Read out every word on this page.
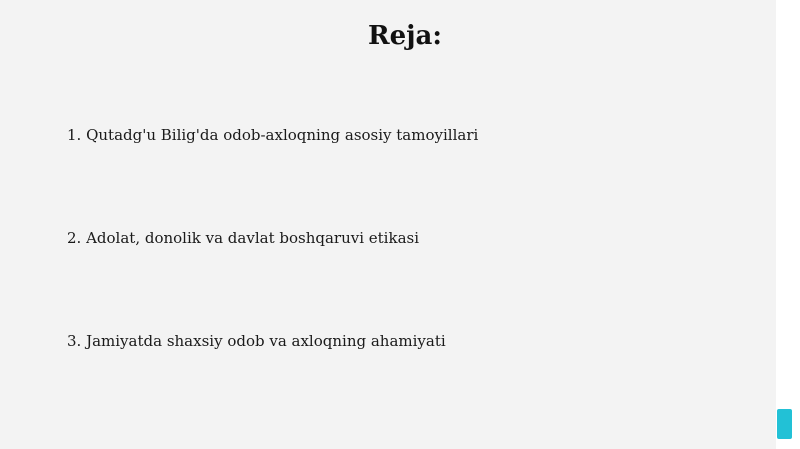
Reja:
1. Qutadg'u Bilig'da odob-axloqning asosiy tamoyillari
2. Adolat, donolik va davlat boshqaruvi etikasi
3. Jamiyatda shaxsiy odob va axloqning ahamiyati
